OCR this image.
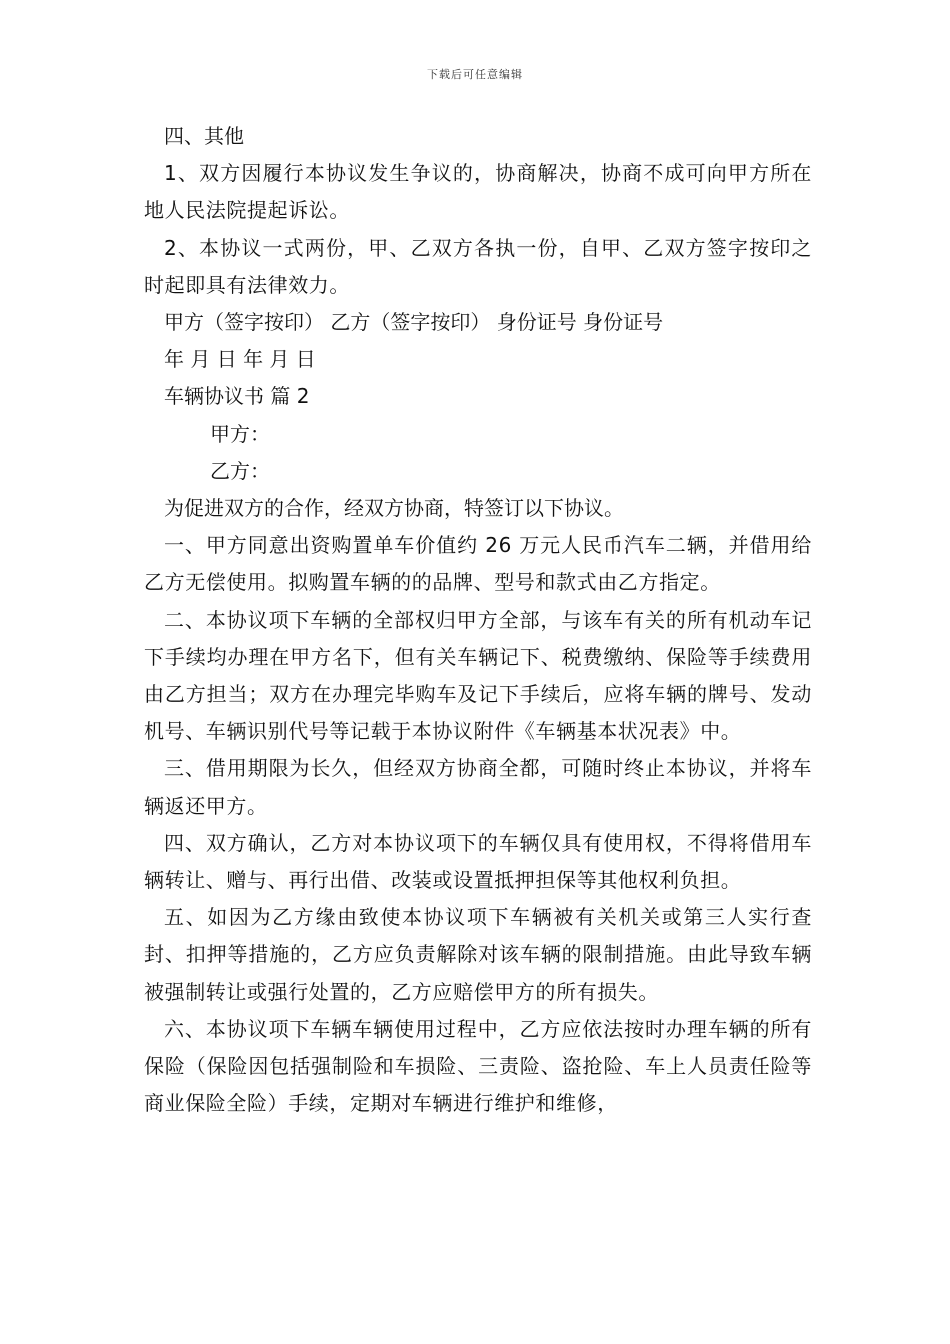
下载后可任意编辑

四、其他

1、双方因履行本协议发生争议的，协商解决，协商不成可向甲方所在地人民法院提起诉讼。

2、本协议一式两份，甲、乙双方各执一份，自甲、乙双方签字按印之时起即具有法律效力。

甲方（签字按印） 乙方（签字按印） 身份证号 身份证号

年 月 日 年 月 日

车辆协议书 篇 2

甲方：

乙方：

为促进双方的合作，经双方协商，特签订以下协议。

一、甲方同意出资购置单车价值约 26 万元人民币汽车二辆，并借用给乙方无偿使用。拟购置车辆的的品牌、型号和款式由乙方指定。

二、本协议项下车辆的全部权归甲方全部，与该车有关的所有机动车记下手续均办理在甲方名下，但有关车辆记下、税费缴纳、保险等手续费用由乙方担当；双方在办理完毕购车及记下手续后，应将车辆的牌号、发动机号、车辆识别代号等记载于本协议附件《车辆基本状况表》中。

三、借用期限为长久，但经双方协商全都，可随时终止本协议，并将车辆返还甲方。

四、双方确认，乙方对本协议项下的车辆仅具有使用权，不得将借用车辆转让、赠与、再行出借、改装或设置抵押担保等其他权利负担。

五、如因为乙方缘由致使本协议项下车辆被有关机关或第三人实行查封、扣押等措施的，乙方应负责解除对该车辆的限制措施。由此导致车辆被强制转让或强行处置的，乙方应赔偿甲方的所有损失。

六、本协议项下车辆车辆使用过程中，乙方应依法按时办理车辆的所有保险（保险因包括强制险和车损险、三责险、盗抢险、车上人员责任险等商业保险全险）手续，定期对车辆进行维护和维修，
